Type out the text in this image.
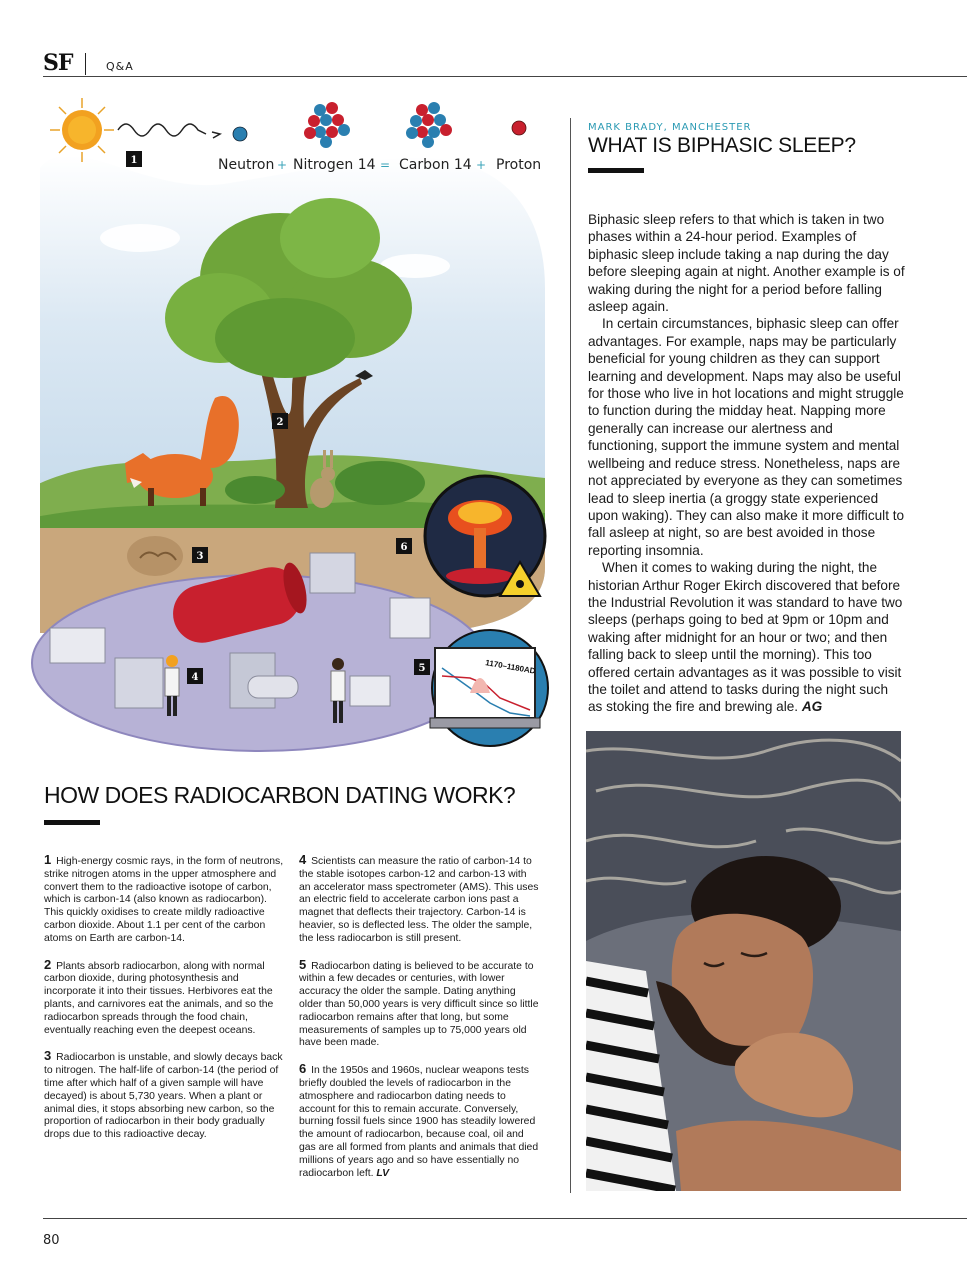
SF	Q&A
Neutron + Nitrogen 14 = Carbon 14 + Proton
1170–1180AD
1
2
3
4
5
6
HOW DOES RADIOCARBON DATING WORK?

1 High-energy cosmic rays, in the form of neutrons, strike nitrogen atoms in the upper atmosphere and convert them to the radioactive isotope of carbon, which is carbon-14 (also known as radiocarbon). This quickly oxidises to create mildly radioactive carbon dioxide. About 1.1 per cent of the carbon atoms on Earth are carbon-14.

2 Plants absorb radiocarbon, along with normal carbon dioxide, during photosynthesis and incorporate it into their tissues. Herbivores eat the plants, and carnivores eat the animals, and so the radiocarbon spreads through the food chain, eventually reaching even the deepest oceans.

3 Radiocarbon is unstable, and slowly decays back to nitrogen. The half-life of carbon-14 (the period of time after which half of a given sample will have decayed) is about 5,730 years. When a plant or animal dies, it stops absorbing new carbon, so the proportion of radiocarbon in their body gradually drops due to this radioactive decay.

4 Scientists can measure the ratio of carbon-14 to the stable isotopes carbon-12 and carbon-13 with an accelerator mass spectrometer (AMS). This uses an electric field to accelerate carbon ions past a magnet that deflects their trajectory. Carbon-14 is heavier, so is deflected less. The older the sample, the less radiocarbon is still present.

5 Radiocarbon dating is believed to be accurate to within a few decades or centuries, with lower accuracy the older the sample. Dating anything older than 50,000 years is very difficult since so little radiocarbon remains after that long, but some measurements of samples up to 75,000 years old have been made.

6 In the 1950s and 1960s, nuclear weapons tests briefly doubled the levels of radiocarbon in the atmosphere and radiocarbon dating needs to account for this to remain accurate. Conversely, burning fossil fuels since 1900 has steadily lowered the amount of radiocarbon, because coal, oil and gas are all formed from plants and animals that died millions of years ago and so have essentially no radiocarbon left. LV

MARK BRADY, MANCHESTER
WHAT IS BIPHASIC SLEEP?

Biphasic sleep refers to that which is taken in two phases within a 24-hour period. Examples of biphasic sleep include taking a nap during the day before sleeping again at night. Another example is of waking during the night for a period before falling asleep again.

In certain circumstances, biphasic sleep can offer advantages. For example, naps may be particularly beneficial for young children as they can support learning and development. Naps may also be useful for those who live in hot locations and might struggle to function during the midday heat. Napping more generally can increase our alertness and functioning, support the immune system and mental wellbeing and reduce stress. Nonetheless, naps are not appreciated by everyone as they can sometimes lead to sleep inertia (a groggy state experienced upon waking). They can also make it more difficult to fall asleep at night, so are best avoided in those reporting insomnia.

When it comes to waking during the night, the historian Arthur Roger Ekirch discovered that before the Industrial Revolution it was standard to have two sleeps (perhaps going to bed at 9pm or 10pm and waking after midnight for an hour or two; and then falling back to sleep until the morning). This too offered certain advantages as it was possible to visit the toilet and attend to tasks during the night such as stoking the fire and brewing ale. AG

80
